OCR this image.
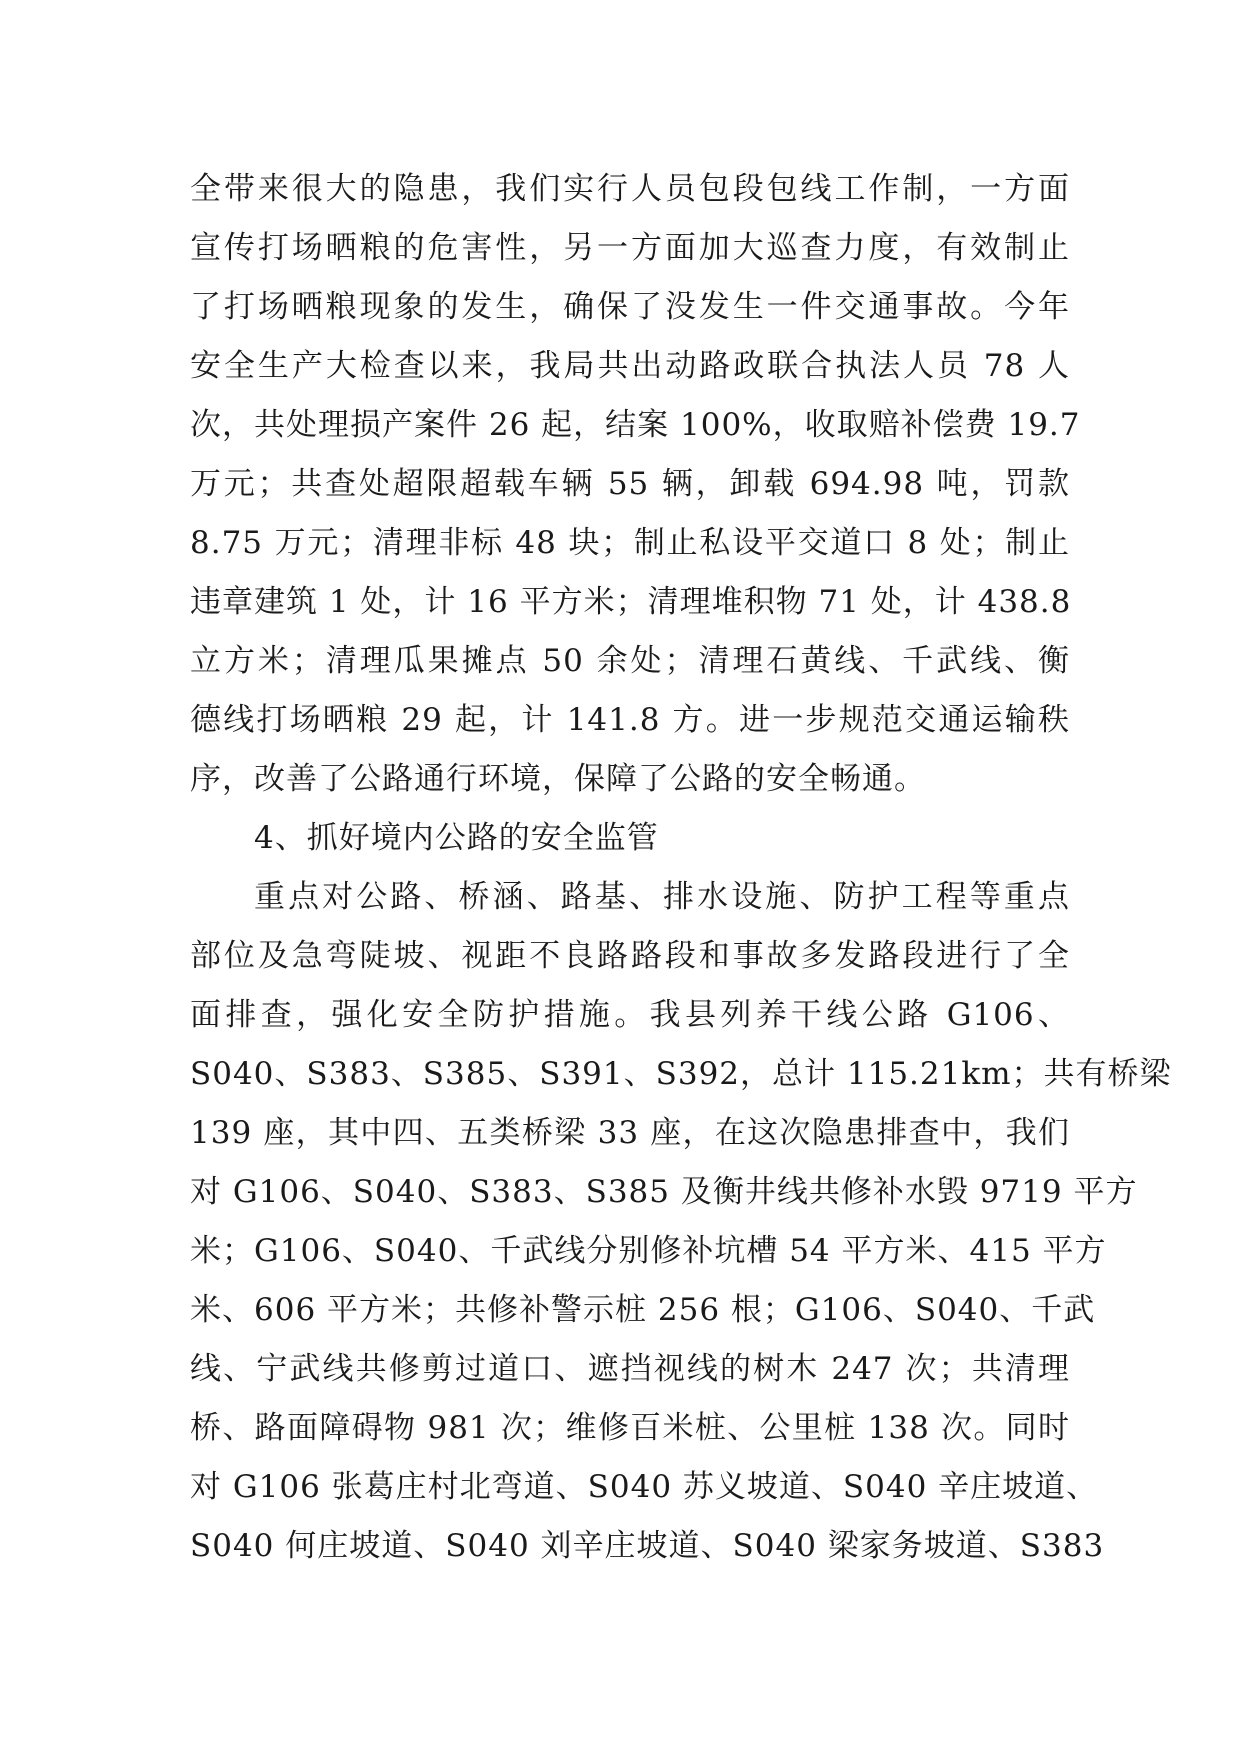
全带来很大的隐患，我们实行人员包段包线工作制，一方面
宣传打场晒粮的危害性，另一方面加大巡查力度，有效制止
了打场晒粮现象的发生，确保了没发生一件交通事故。今年
安全生产大检查以来，我局共出动路政联合执法人员 78 人
次，共处理损产案件 26 起，结案 100%，收取赔补偿费 19.7
万元；共查处超限超载车辆 55 辆，卸载 694.98 吨，罚款
8.75 万元；清理非标 48 块；制止私设平交道口 8 处；制止
违章建筑 1 处，计 16 平方米；清理堆积物 71 处，计 438.8
立方米；清理瓜果摊点 50 余处；清理石黄线、千武线、衡
德线打场晒粮 29 起，计 141.8 方。进一步规范交通运输秩
序，改善了公路通行环境，保障了公路的安全畅通。
4、抓好境内公路的安全监管
重点对公路、桥涵、路基、排水设施、防护工程等重点
部位及急弯陡坡、视距不良路路段和事故多发路段进行了全
面排查，强化安全防护措施。我县列养干线公路 G106、
S040、S383、S385、S391、S392，总计 115.21km；共有桥梁
139 座，其中四、五类桥梁 33 座，在这次隐患排查中，我们
对 G106、S040、S383、S385 及衡井线共修补水毁 9719 平方
米；G106、S040、千武线分别修补坑槽 54 平方米、415 平方
米、606 平方米；共修补警示桩 256 根；G106、S040、千武
线、宁武线共修剪过道口、遮挡视线的树木 247 次；共清理
桥、路面障碍物 981 次；维修百米桩、公里桩 138 次。同时
对 G106 张葛庄村北弯道、S040 苏义坡道、S040 辛庄坡道、
S040 何庄坡道、S040 刘辛庄坡道、S040 梁家务坡道、S383
